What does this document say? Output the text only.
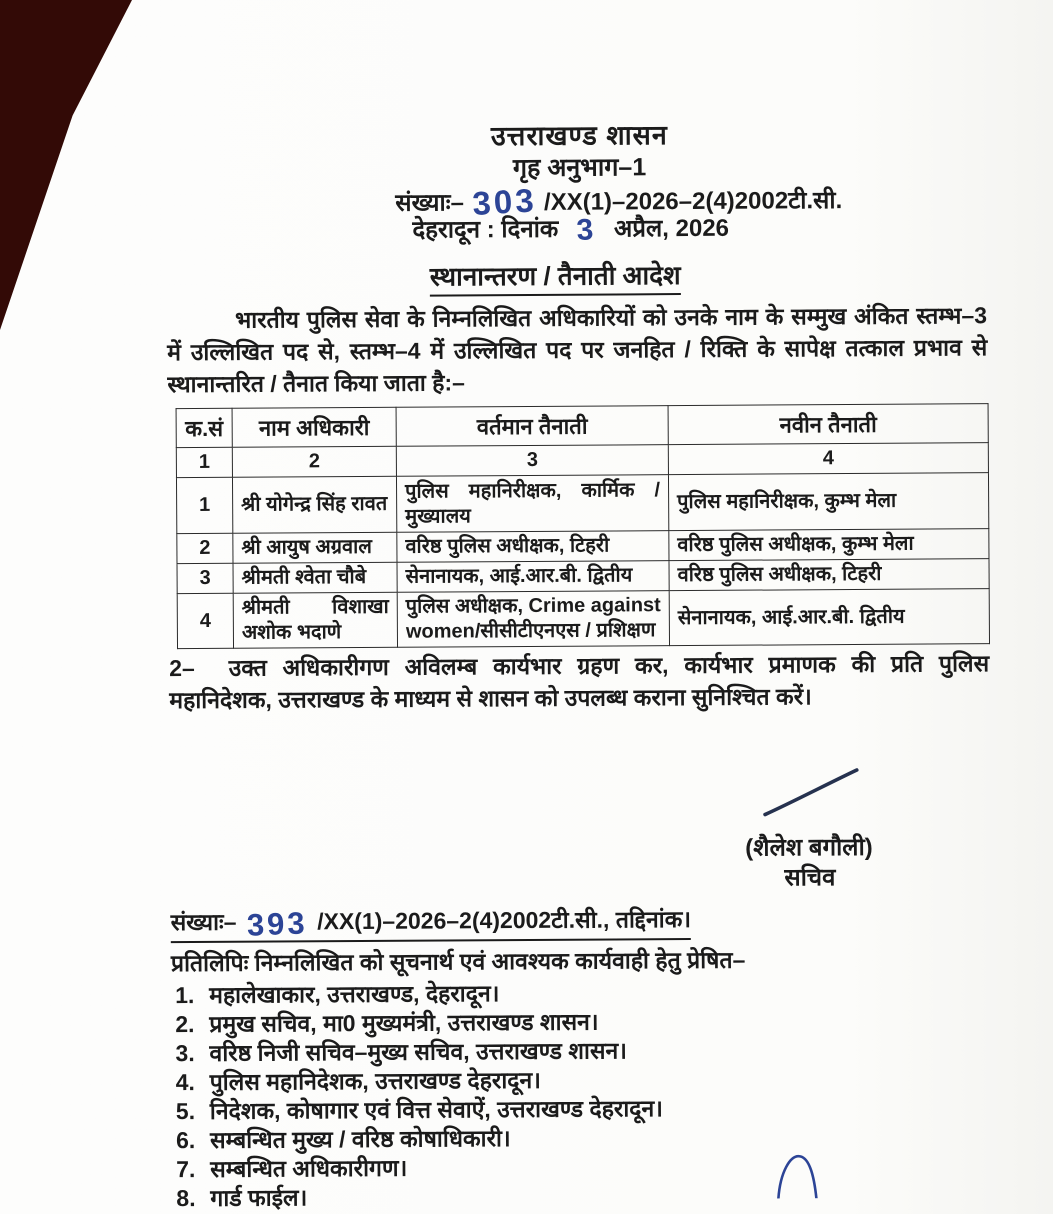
उत्तराखण्ड शासन
गृह अनुभाग–1
संख्याः– 303 /XX(1)–2026–2(4)2002टी.सी.
देहरादून : दिनांक 3 अप्रैल, 2026
स्थानान्तरण / तैनाती आदेश

भारतीय पुलिस सेवा के निम्नलिखित अधिकारियों को उनके नाम के सम्मुख अंकित स्तम्भ–3 में उल्लिखित पद से, स्तम्भ–4 में उल्लिखित पद पर जनहित / रिक्ति के सापेक्ष तत्काल प्रभाव से स्थानान्तरित / तैनात किया जाता है:–

क.सं	नाम अधिकारी	वर्तमान तैनाती	नवीन तैनाती
1	2	3	4
1	श्री योगेन्द्र सिंह रावत	पुलिस महानिरीक्षक, कार्मिक /मुख्यालय	पुलिस महानिरीक्षक, कुम्भ मेला
2	श्री आयुष अग्रवाल	वरिष्ठ पुलिस अधीक्षक, टिहरी	वरिष्ठ पुलिस अधीक्षक, कुम्भ मेला
3	श्रीमती श्वेता चौबे	सेनानायक, आई.आर.बी. द्वितीय	वरिष्ठ पुलिस अधीक्षक, टिहरी
4	श्रीमती विशाखा अशोक भदाणे	पुलिस अधीक्षक, Crime against women/सीसीटीएनएस / प्रशिक्षण	सेनानायक, आई.आर.बी. द्वितीय

2– उक्त अधिकारीगण अविलम्ब कार्यभार ग्रहण कर, कार्यभार प्रमाणक की प्रति पुलिस महानिदेशक, उत्तराखण्ड के माध्यम से शासन को उपलब्ध कराना सुनिश्चित करें।

(शैलेश बगौली)
सचिव
संख्याः– 393 /XX(1)–2026–2(4)2002टी.सी., तद्दिनांक।
प्रतिलिपिः निम्नलिखित को सूचनार्थ एवं आवश्यक कार्यवाही हेतु प्रेषित–
1. महालेखाकार, उत्तराखण्ड, देहरादून।
2. प्रमुख सचिव, मा0 मुख्यमंत्री, उत्तराखण्ड शासन।
3. वरिष्ठ निजी सचिव–मुख्य सचिव, उत्तराखण्ड शासन।
4. पुलिस महानिदेशक, उत्तराखण्ड देहरादून।
5. निदेशक, कोषागार एवं वित्त सेवाऐं, उत्तराखण्ड देहरादून।
6. सम्बन्धित मुख्य / वरिष्ठ कोषाधिकारी।
7. सम्बन्धित अधिकारीगण।
8. गार्ड फाईल।
